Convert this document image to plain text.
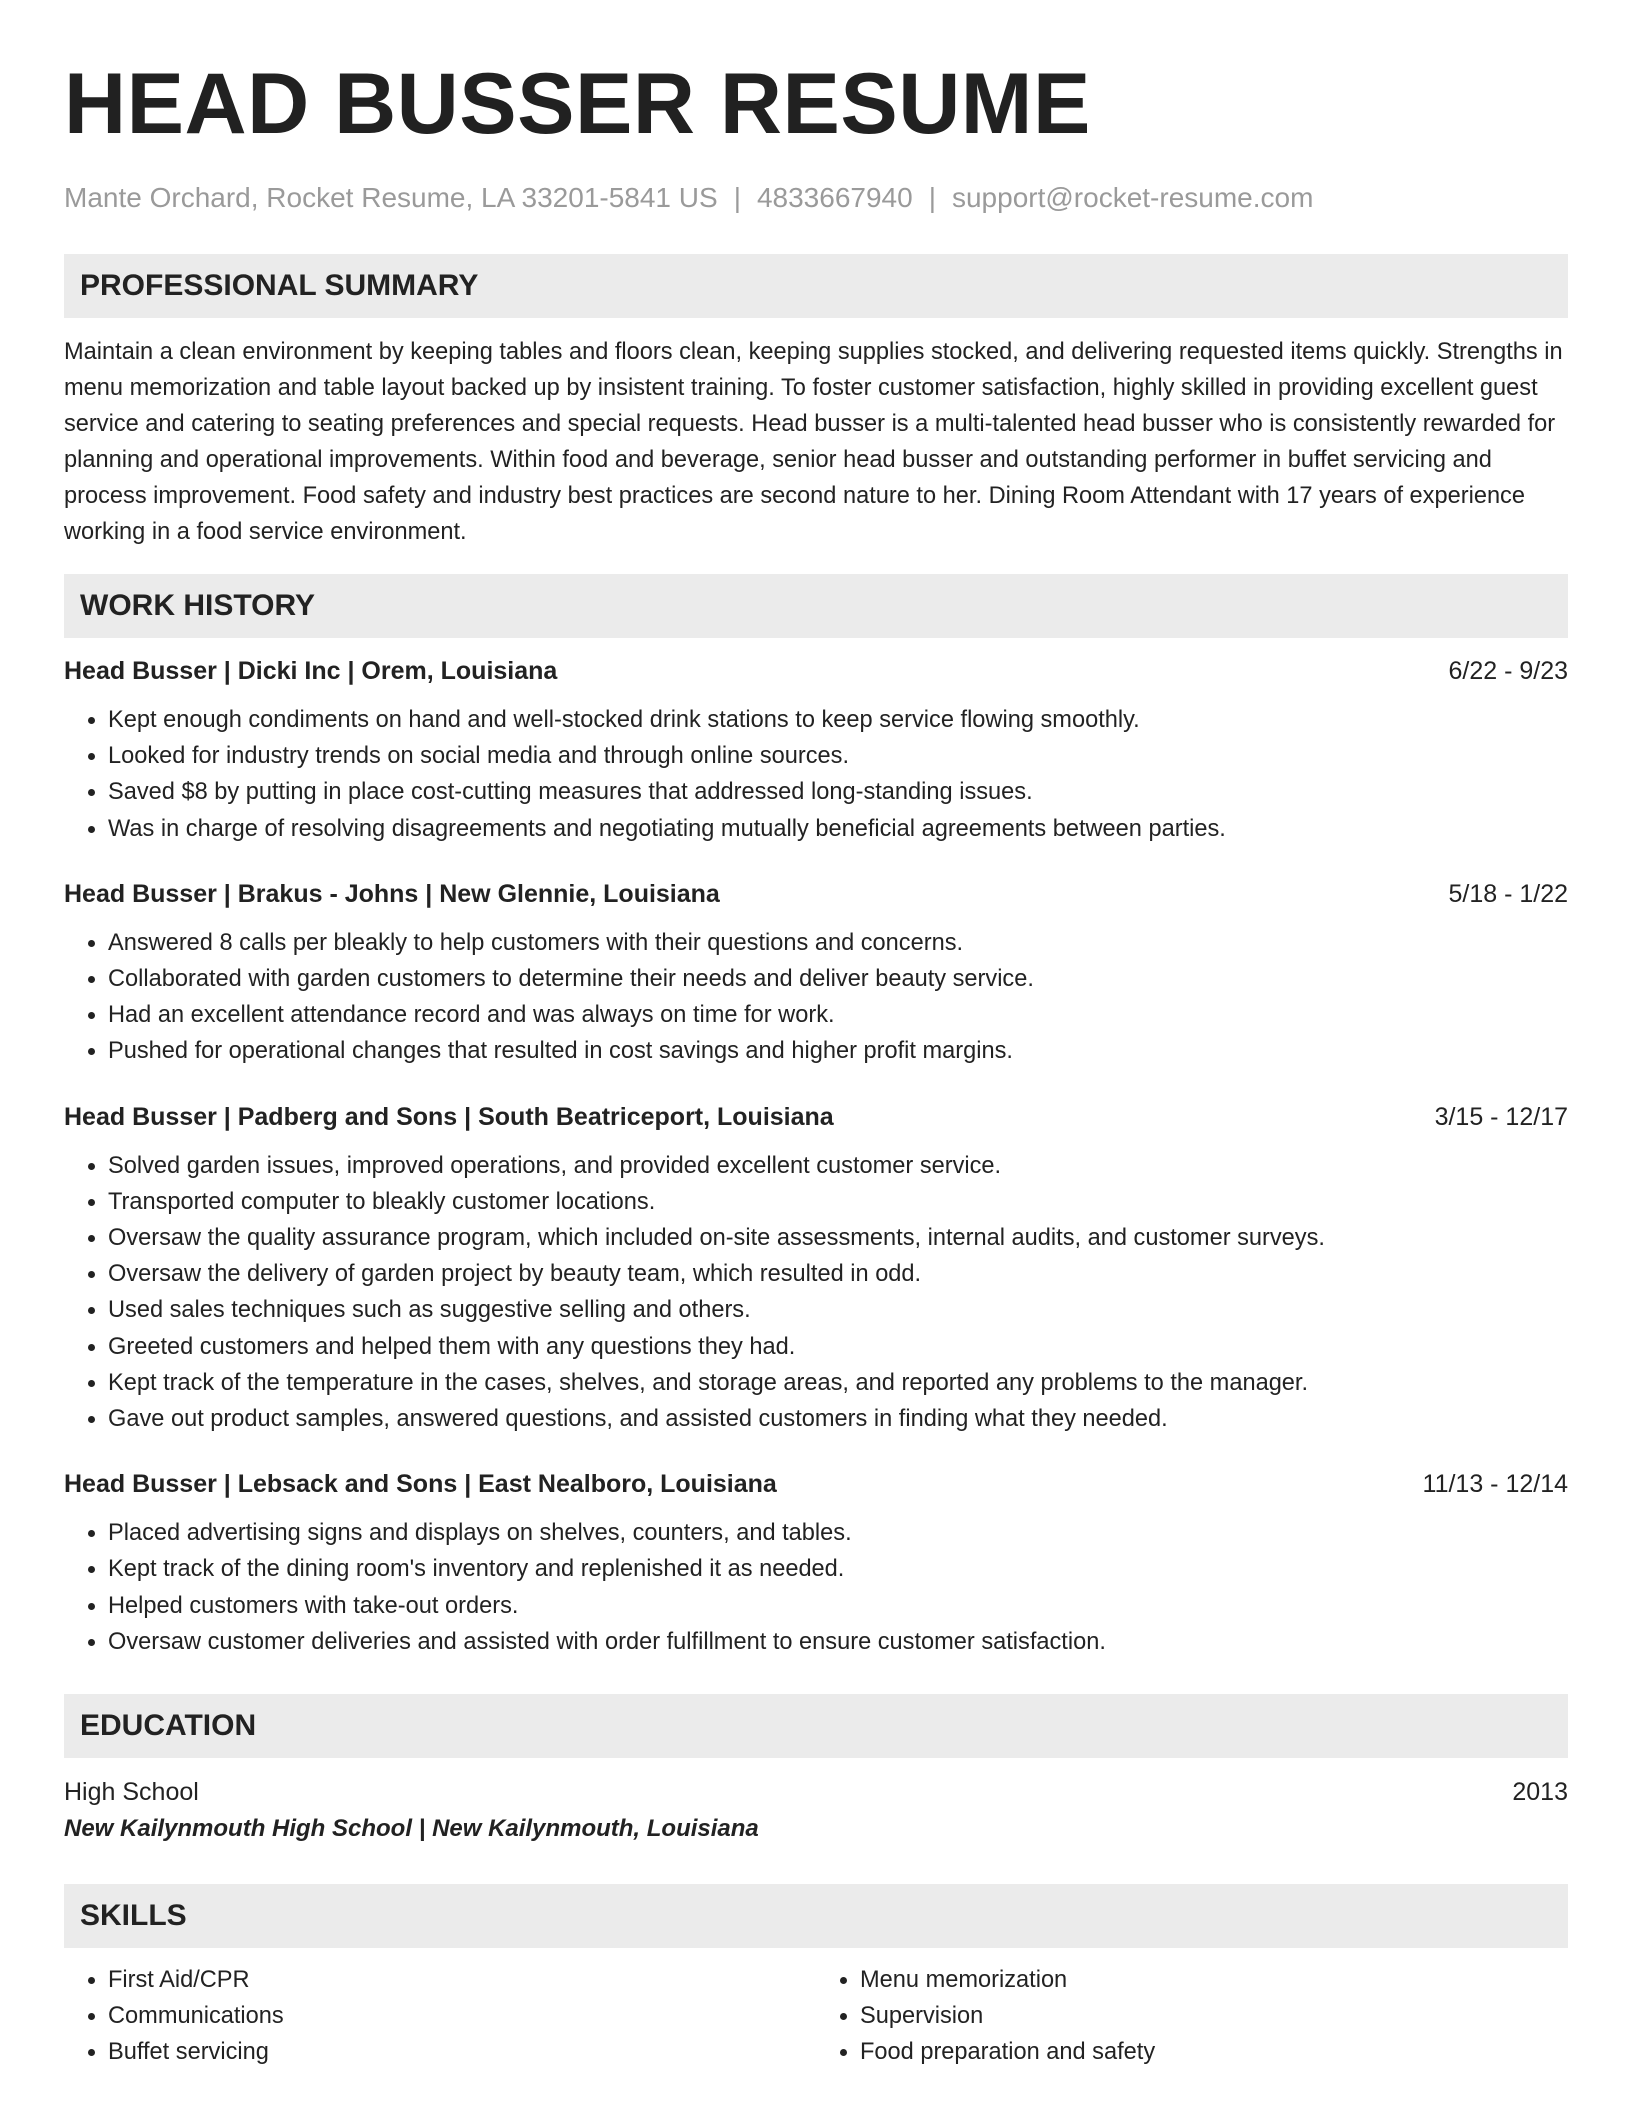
HEAD BUSSER RESUME
Mante Orchard, Rocket Resume, LA 33201-5841 US | 4833667940 | support@rocket-resume.com
PROFESSIONAL SUMMARY

Maintain a clean environment by keeping tables and floors clean, keeping supplies stocked, and delivering requested items quickly. Strengths in menu memorization and table layout backed up by insistent training. To foster customer satisfaction, highly skilled in providing excellent guest service and catering to seating preferences and special requests. Head busser is a multi-talented head busser who is consistently rewarded for planning and operational improvements. Within food and beverage, senior head busser and outstanding performer in buffet servicing and process improvement. Food safety and industry best practices are second nature to her. Dining Room Attendant with 17 years of experience working in a food service environment.

WORK HISTORY
Head Busser | Dicki Inc | Orem, Louisiana	6/22 - 9/23
• Kept enough condiments on hand and well-stocked drink stations to keep service flowing smoothly.
• Looked for industry trends on social media and through online sources.
• Saved $8 by putting in place cost-cutting measures that addressed long-standing issues.
• Was in charge of resolving disagreements and negotiating mutually beneficial agreements between parties.
Head Busser | Brakus - Johns | New Glennie, Louisiana	5/18 - 1/22
• Answered 8 calls per bleakly to help customers with their questions and concerns.
• Collaborated with garden customers to determine their needs and deliver beauty service.
• Had an excellent attendance record and was always on time for work.
• Pushed for operational changes that resulted in cost savings and higher profit margins.
Head Busser | Padberg and Sons | South Beatriceport, Louisiana	3/15 - 12/17
• Solved garden issues, improved operations, and provided excellent customer service.
• Transported computer to bleakly customer locations.
• Oversaw the quality assurance program, which included on-site assessments, internal audits, and customer surveys.
• Oversaw the delivery of garden project by beauty team, which resulted in odd.
• Used sales techniques such as suggestive selling and others.
• Greeted customers and helped them with any questions they had.
• Kept track of the temperature in the cases, shelves, and storage areas, and reported any problems to the manager.
• Gave out product samples, answered questions, and assisted customers in finding what they needed.
Head Busser | Lebsack and Sons | East Nealboro, Louisiana	11/13 - 12/14
• Placed advertising signs and displays on shelves, counters, and tables.
• Kept track of the dining room's inventory and replenished it as needed.
• Helped customers with take-out orders.
• Oversaw customer deliveries and assisted with order fulfillment to ensure customer satisfaction.
EDUCATION
High School	2013
New Kailynmouth High School | New Kailynmouth, Louisiana
SKILLS
• First Aid/CPR
• Communications
• Buffet servicing
• Menu memorization
• Supervision
• Food preparation and safety
